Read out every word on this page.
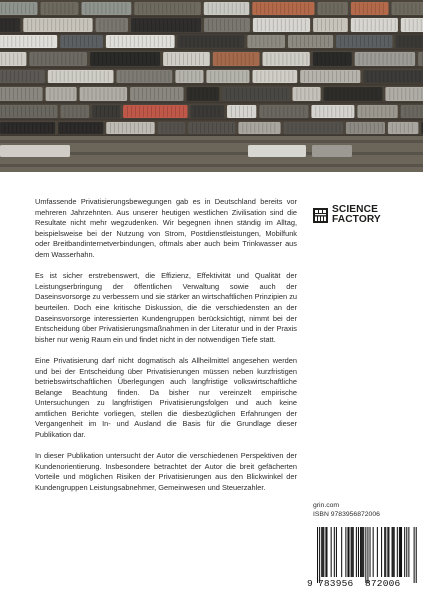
SCIENCE
FACTORY

Umfassende Privatisierungsbewegungen gab es in Deutschland bereits vor mehreren Jahrzehnten. Aus unserer heutigen westlichen Zivilisation sind die Resultate nicht mehr wegzudenken. Wir begegnen ihnen ständig im Alltag, beispielsweise bei der Nutzung von Strom, Postdienstleistungen, Mobilfunk oder Breitbandinternetverbindungen, oftmals aber auch beim Trinkwasser aus dem Wasserhahn.

Es ist sicher erstrebenswert, die Effizienz, Effektivität und Qualität der Leistungserbringung der öffentlichen Verwaltung sowie auch der Daseinsvorsorge zu verbessern und sie stärker an wirtschaftlichen Prinzipien zu beurteilen. Doch eine kritische Diskussion, die die verschiedensten an der Daseinsvorsorge interessierten Kundengruppen berücksichtigt, nimmt bei der Entscheidung über Privatisierungsmaßnahmen in der Literatur und in der Praxis bisher nur wenig Raum ein und findet nicht in der notwendigen Tiefe statt.

Eine Privatisierung darf nicht dogmatisch als Allheilmittel angesehen werden und bei der Entscheidung über Privatisierungen müssen neben kurzfristigen betriebswirtschaftlichen Überlegungen auch langfristige volkswirtschaftliche Belange Beachtung finden. Da bisher nur vereinzelt empirische Untersuchungen zu langfristigen Privatisierungsfolgen und auch keine amtlichen Berichte vorliegen, stellen die diesbezüglichen Erfahrungen der Vergangenheit im In- und Ausland die Basis für die Grundlage dieser Publikation dar.

In dieser Publikation untersucht der Autor die verschiedenen Perspektiven der Kundenorientierung. Insbesondere betrachtet der Autor die breit gefächerten Vorteile und möglichen Risiken der Privatisierungen aus den Blickwinkel der Kundengruppen Leistungsabnehmer, Gemeinwesen und Steuerzahler.

grin.com
ISBN 9783956872006
9 783956 872006
